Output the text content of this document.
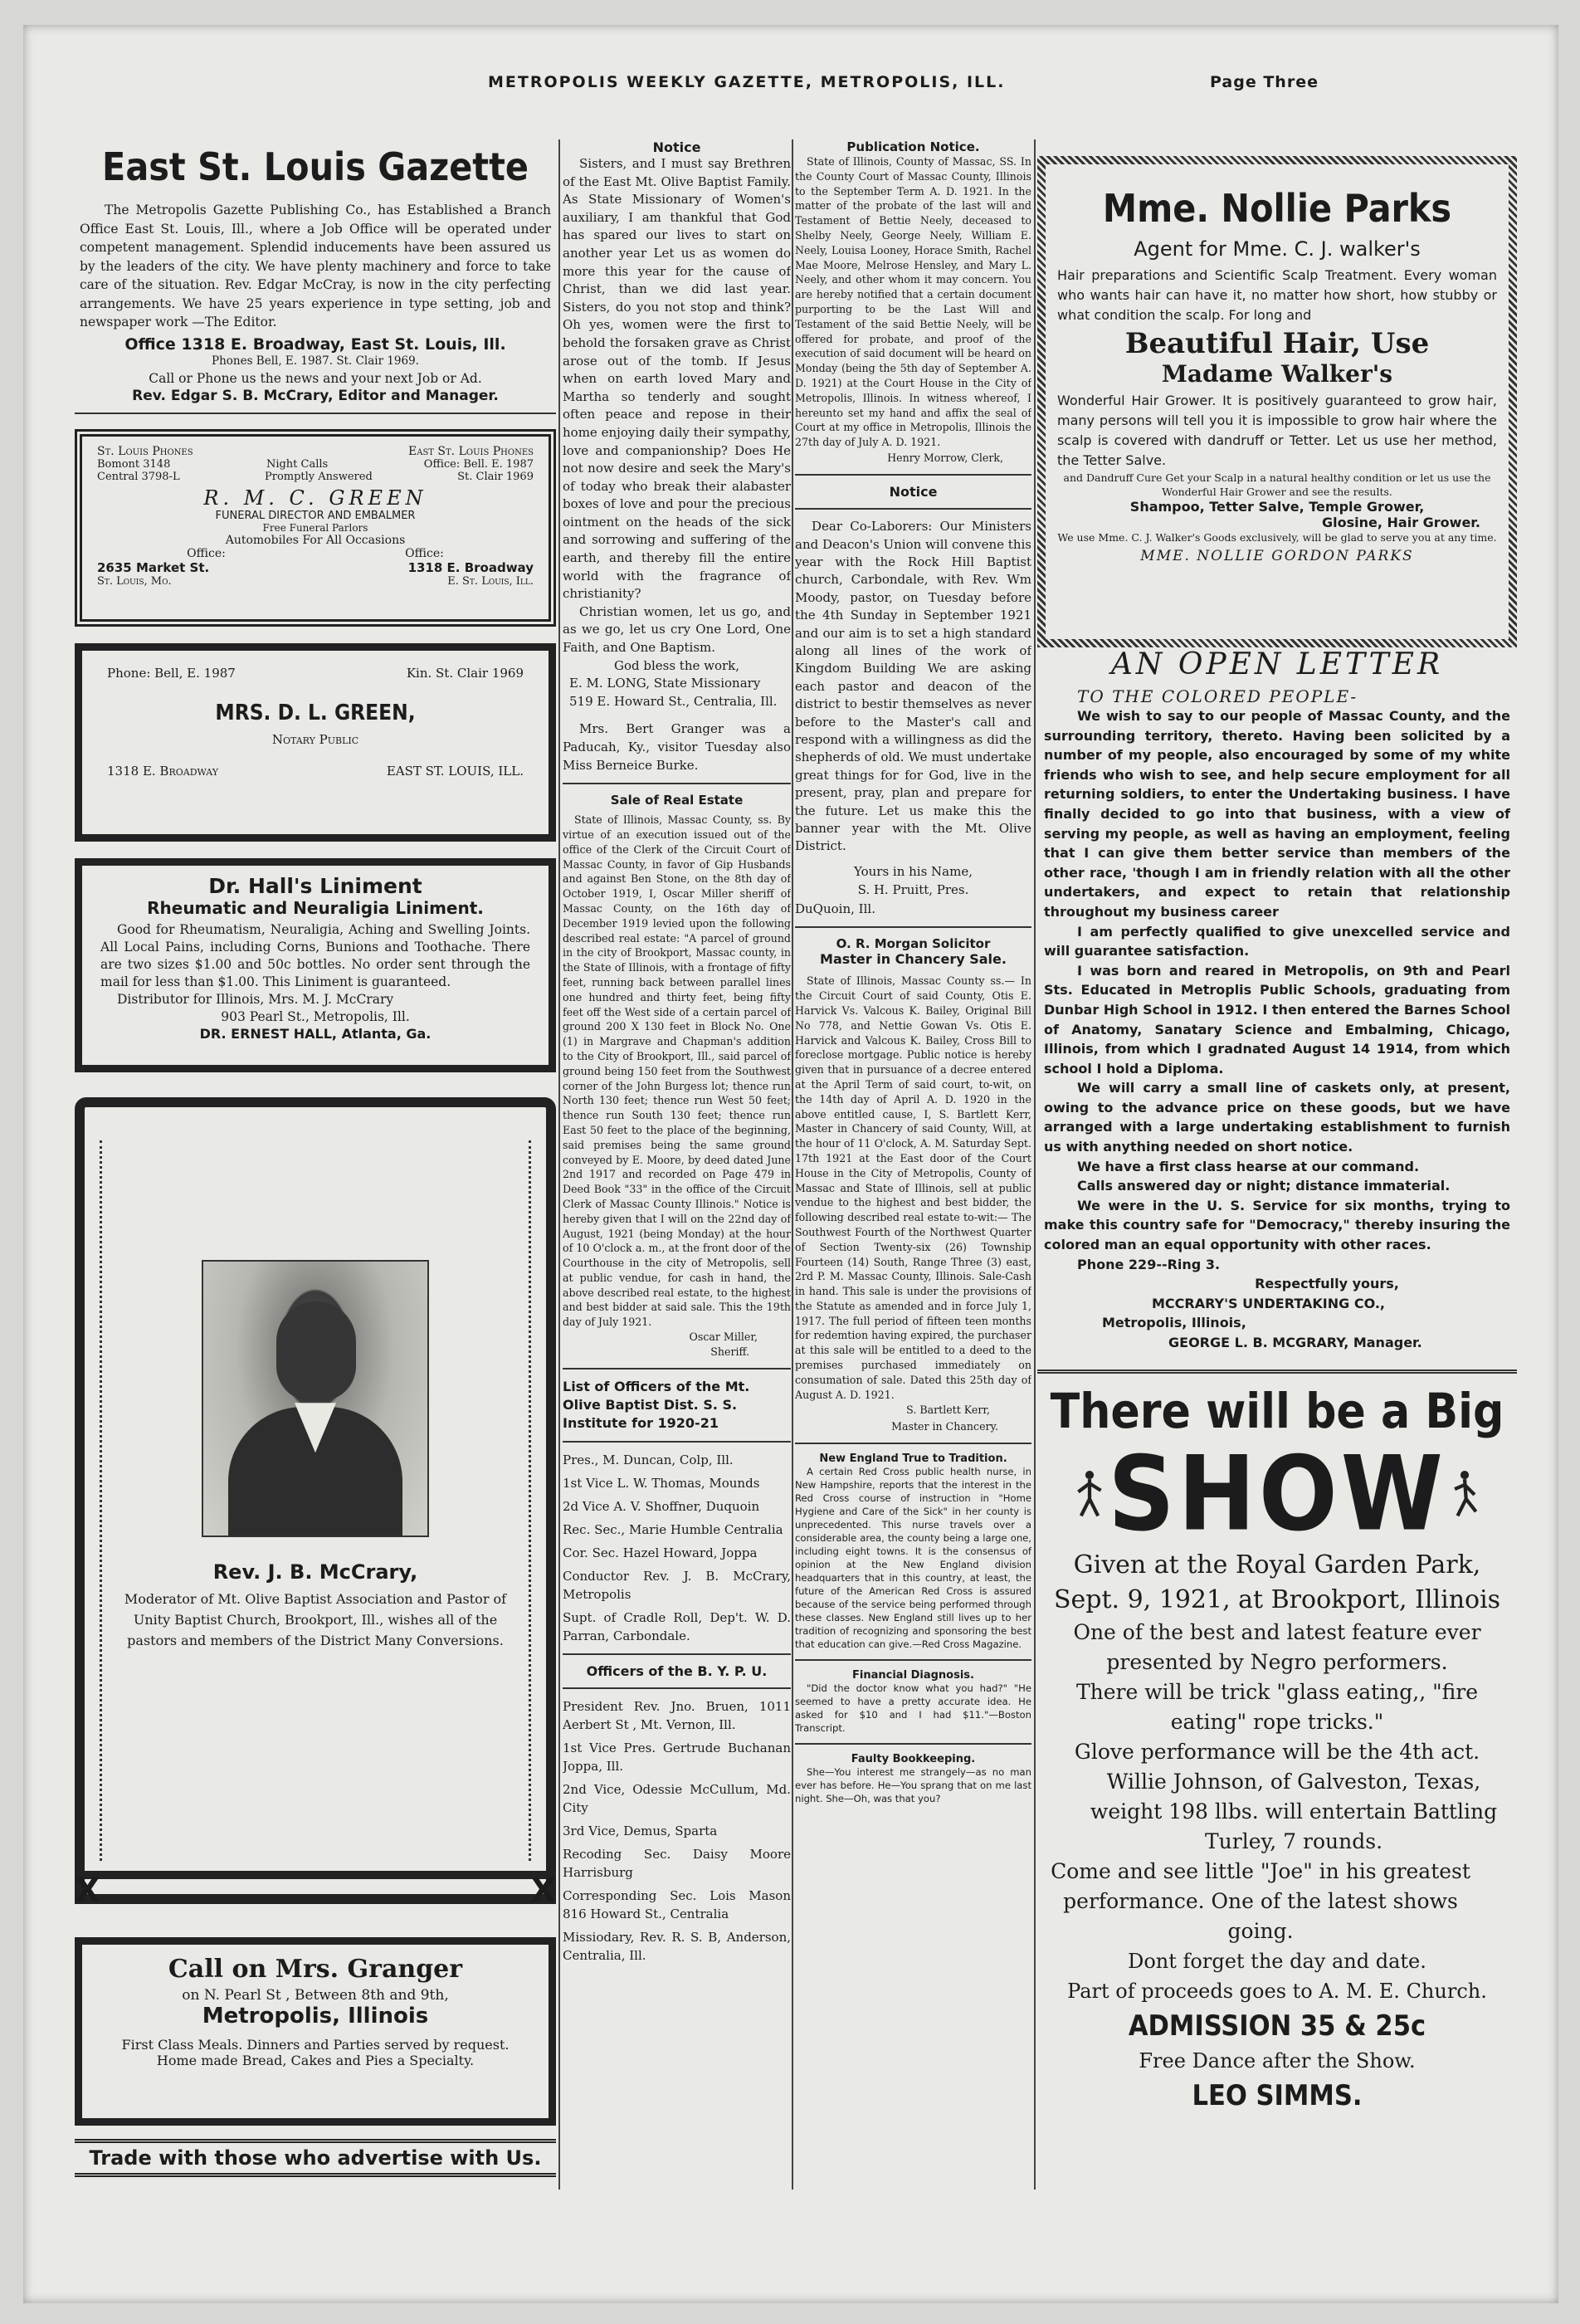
METROPOLIS WEEKLY GAZETTE, METROPOLIS, ILL.	Page Three
East St. Louis Gazette

The Metropolis Gazette Publishing Co., has Established a Branch Office East St. Louis, Ill., where a Job Office will be operated under competent management. Splendid inducements have been assured us by the leaders of the city. We have plenty machinery and force to take care of the situation. Rev. Edgar McCray, is now in the city perfecting arrangements. We have 25 years experience in type setting, job and newspaper work —The Editor.

Office 1318 E. Broadway, East St. Louis, Ill.

Phones Bell, E. 1987. St. Clair 1969.

Call or Phone us the news and your next Job or Ad.

Rev. Edgar S. B. McCrary, Editor and Manager.

St. Louis Phones	East St. Louis Phones
Bomont 3148	Night Calls	Office: Bell. E. 1987
Central 3798-L	Promptly Answered	St. Clair 1969
R. M. C. GREEN
FUNERAL DIRECTOR AND EMBALMER
Free Funeral Parlors
Automobiles For All Occasions
Office:	Office:
2635 Market St.	1318 E. Broadway
St. Louis, Mo.	E. St. Louis, Ill.
Phone: Bell, E. 1987	Kin. St. Clair 1969
MRS. D. L. GREEN,
Notary Public
1318 E. Broadway	EAST ST. LOUIS, ILL.
Dr. Hall's Liniment
Rheumatic and Neuraligia Liniment.

Good for Rheumatism, Neuraligia, Aching and Swelling Joints. All Local Pains, including Corns, Bunions and Toothache. There are two sizes $1.00 and 50c bottles. No order sent through the mail for less than $1.00. This Liniment is guaranteed.

Distributor for Illinois, Mrs. M. J. McCrary

903 Pearl St., Metropolis, Ill.

DR. ERNEST HALL, Atlanta, Ga.

Rev. J. B. McCrary,

Moderator of Mt. Olive Baptist Association and Pastor of Unity Baptist Church, Brookport, Ill., wishes all of the pastors and members of the District Many Conversions.

X	X
Call on Mrs. Granger
on N. Pearl St , Between 8th and 9th,
Metropolis, Illinois
First Class Meals. Dinners and Parties served by request.
Home made Bread, Cakes and Pies a Specialty.
Trade with those who advertise with Us.
Notice

Sisters, and I must say Brethren of the East Mt. Olive Baptist Family. As State Missionary of Women's auxiliary, I am thankful that God has spared our lives to start on another year Let us as women do more this year for the cause of Christ, than we did last year. Sisters, do you not stop and think? Oh yes, women were the first to behold the forsaken grave as Christ arose out of the tomb. If Jesus when on earth loved Mary and Martha so tenderly and sought often peace and repose in their home enjoying daily their sympathy, love and companionship? Does He not now desire and seek the Mary's of today who break their alabaster boxes of love and pour the precious ointment on the heads of the sick and sorrowing and suffering of the earth, and thereby fill the entire world with the fragrance of christianity?

Christian women, let us go, and as we go, let us cry One Lord, One Faith, and One Baptism.

God bless the work,

E. M. LONG, State Missionary

519 E. Howard St., Centralia, Ill.

Mrs. Bert Granger was a Paducah, Ky., visitor Tuesday also Miss Berneice Burke.

Sale of Real Estate

State of Illinois, Massac County, ss. By virtue of an execution issued out of the office of the Clerk of the Circuit Court of Massac County, in favor of Gip Husbands and against Ben Stone, on the 8th day of October 1919, I, Oscar Miller sheriff of Massac County, on the 16th day of December 1919 levied upon the following described real estate: "A parcel of ground in the city of Brookport, Massac county, in the State of Illinois, with a frontage of fifty feet, running back between parallel lines one hundred and thirty feet, being fifty feet off the West side of a certain parcel of ground 200 X 130 feet in Block No. One (1) in Margrave and Chapman's addition to the City of Brookport, Ill., said parcel of ground being 150 feet from the Southwest corner of the John Burgess lot; thence run North 130 feet; thence run West 50 feet; thence run South 130 feet; thence run East 50 feet to the place of the beginning, said premises being the same ground conveyed by E. Moore, by deed dated June 2nd 1917 and recorded on Page 479 in Deed Book "33" in the office of the Circuit Clerk of Massac County Illinois." Notice is hereby given that I will on the 22nd day of August, 1921 (being Monday) at the hour of 10 O'clock a. m., at the front door of the Courthouse in the city of Metropolis, sell at public vendue, for cash in hand, the above described real estate, to the highest and best bidder at said sale. This the 19th day of July 1921.

Oscar Miller,

Sheriff.

List of Officers of the Mt. Olive Baptist Dist. S. S. Institute for 1920-21

Pres., M. Duncan, Colp, Ill.

1st Vice L. W. Thomas, Mounds

2d Vice A. V. Shoffner, Duquoin

Rec. Sec., Marie Humble Centralia

Cor. Sec. Hazel Howard, Joppa

Conductor Rev. J. B. McCrary, Metropolis

Supt. of Cradle Roll, Dep't. W. D. Parran, Carbondale.

Officers of the B. Y. P. U.

President Rev. Jno. Bruen, 1011 Aerbert St , Mt. Vernon, Ill.

1st Vice Pres. Gertrude Buchanan Joppa, Ill.

2nd Vice, Odessie McCullum, Md. City

3rd Vice, Demus, Sparta

Recoding Sec. Daisy Moore Harrisburg

Corresponding Sec. Lois Mason 816 Howard St., Centralia

Missiodary, Rev. R. S. B, Anderson, Centralia, Ill.

Publication Notice.

State of Illinois, County of Massac, SS. In the County Court of Massac County, Illinois to the September Term A. D. 1921. In the matter of the probate of the last will and Testament of Bettie Neely, deceased to Shelby Neely, George Neely, William E. Neely, Louisa Looney, Horace Smith, Rachel Mae Moore, Melrose Hensley, and Mary L. Neely, and other whom it may concern. You are hereby notified that a certain document purporting to be the Last Will and Testament of the said Bettie Neely, will be offered for probate, and proof of the execution of said document will be heard on Monday (being the 5th day of September A. D. 1921) at the Court House in the City of Metropolis, Illinois. In witness whereof, I hereunto set my hand and affix the seal of Court at my office in Metropolis, Illinois the 27th day of July A. D. 1921.

Henry Morrow, Clerk,

Notice

Dear Co-Laborers: Our Ministers and Deacon's Union will convene this year with the Rock Hill Baptist church, Carbondale, with Rev. Wm Moody, pastor, on Tuesday before the 4th Sunday in September 1921 and our aim is to set a high standard along all lines of the work of Kingdom Building We are asking each pastor and deacon of the district to bestir themselves as never before to the Master's call and respond with a willingness as did the shepherds of old. We must undertake great things for for God, live in the present, pray, plan and prepare for the future. Let us make this the banner year with the Mt. Olive District.

Yours in his Name,

S. H. Pruitt, Pres.

DuQuoin, Ill.

O. R. Morgan Solicitor
Master in Chancery Sale.

State of Illinois, Massac County ss.— In the Circuit Court of said County, Otis E. Harvick Vs. Valcous K. Bailey, Original Bill No 778, and Nettie Gowan Vs. Otis E. Harvick and Valcous K. Bailey, Cross Bill to foreclose mortgage. Public notice is hereby given that in pursuance of a decree entered at the April Term of said court, to-wit, on the 14th day of April A. D. 1920 in the above entitled cause, I, S. Bartlett Kerr, Master in Chancery of said County, Will, at the hour of 11 O'clock, A. M. Saturday Sept. 17th 1921 at the East door of the Court House in the City of Metropolis, County of Massac and State of Illinois, sell at public vendue to the highest and best bidder, the following described real estate to-wit:— The Southwest Fourth of the Northwest Quarter of Section Twenty-six (26) Township Fourteen (14) South, Range Three (3) east, 2rd P. M. Massac County, Illinois. Sale-Cash in hand. This sale is under the provisions of the Statute as amended and in force July 1, 1917. The full period of fifteen teen months for redemtion having expired, the purchaser at this sale will be entitled to a deed to the premises purchased immediately on consumation of sale. Dated this 25th day of August A. D. 1921.

S. Bartlett Kerr,

Master in Chancery.

New England True to Tradition.

A certain Red Cross public health nurse, in New Hampshire, reports that the interest in the Red Cross course of instruction in "Home Hygiene and Care of the Sick" in her county is unprecedented. This nurse travels over a considerable area, the county being a large one, including eight towns. It is the consensus of opinion at the New England division headquarters that in this country, at least, the future of the American Red Cross is assured because of the service being performed through these classes. New England still lives up to her tradition of recognizing and sponsoring the best that education can give.—Red Cross Magazine.

Financial Diagnosis.

"Did the doctor know what you had?" "He seemed to have a pretty accurate idea. He asked for $10 and I had $11."—Boston Transcript.

Faulty Bookkeeping.

She—You interest me strangely—as no man ever has before. He—You sprang that on me last night. She—Oh, was that you?

Mme. Nollie Parks
Agent for Mme. C. J. walker's

Hair preparations and Scientific Scalp Treatment. Every woman who wants hair can have it, no matter how short, how stubby or what condition the scalp. For long and

Beautiful Hair, Use
Madame Walker's

Wonderful Hair Grower. It is positively guaranteed to grow hair, many persons will tell you it is impossible to grow hair where the scalp is covered with dandruff or Tetter. Let us use her method, the Tetter Salve.

and Dandruff Cure Get your Scalp in a natural healthy condition or let us use the Wonderful Hair Grower and see the results.

Shampoo, Tetter Salve, Temple Grower,
Glosine, Hair Grower.

We use Mme. C. J. Walker's Goods exclusively, will be glad to serve you at any time.

MME. NOLLIE GORDON PARKS
AN OPEN LETTER
TO THE COLORED PEOPLE-

We wish to say to our people of Massac County, and the surrounding territory, thereto. Having been solicited by a number of my people, also encouraged by some of my white friends who wish to see, and help secure employment for all returning soldiers, to enter the Undertaking business. I have finally decided to go into that business, with a view of serving my people, as well as having an employment, feeling that I can give them better service than members of the other race, 'though I am in friendly relation with all the other undertakers, and expect to retain that relationship throughout my business career

I am perfectly qualified to give unexcelled service and will guarantee satisfaction.

I was born and reared in Metropolis, on 9th and Pearl Sts. Educated in Metroplis Public Schools, graduating from Dunbar High School in 1912. I then entered the Barnes School of Anatomy, Sanatary Science and Embalming, Chicago, Illinois, from which I gradnated August 14 1914, from which school I hold a Diploma.

We will carry a small line of caskets only, at present, owing to the advance price on these goods, but we have arranged with a large undertaking establishment to furnish us with anything needed on short notice.

We have a first class hearse at our command.

Calls answered day or night; distance immaterial.

We were in the U. S. Service for six months, trying to make this country safe for "Democracy," thereby insuring the colored man an equal opportunity with other races.

Phone 229--Ring 3.

Respectfully yours,

MCCRARY'S UNDERTAKING CO.,

Metropolis, Illinois,

GEORGE L. B. MCGRARY, Manager.

There will be a Big
SHOW
Given at the Royal Garden Park, Sept. 9, 1921, at Brookport, Illinois
One of the best and latest feature ever presented by Negro performers.
There will be trick "glass eating,, "fire eating" rope tricks."
Glove performance will be the 4th act.
Willie Johnson, of Galveston, Texas, weight 198 llbs. will entertain Battling Turley, 7 rounds.
Come and see little "Joe" in his greatest performance. One of the latest shows going.
Dont forget the day and date.
Part of proceeds goes to A. M. E. Church.
ADMISSION 35 & 25c
Free Dance after the Show.
LEO SIMMS.
